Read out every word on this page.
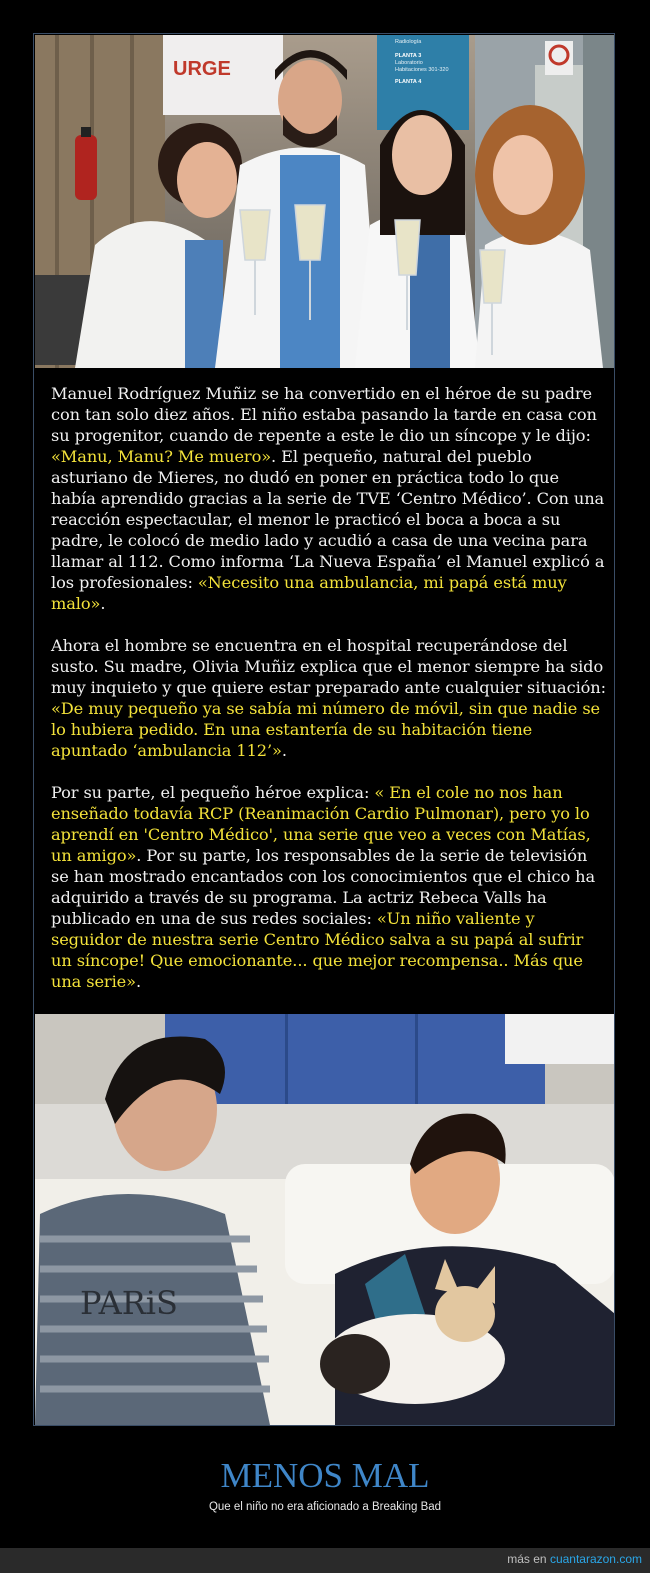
URGE
Radiología
PLANTA 3
Laboratorio
Habitaciones 301-320
PLANTA 4

Manuel Rodríguez Muñiz se ha convertido en el héroe de su padre con tan solo diez años. El niño estaba pasando la tarde en casa con su progenitor, cuando de repente a este le dio un síncope y le dijo: «Manu, Manu? Me muero». El pequeño, natural del pueblo asturiano de Mieres, no dudó en poner en práctica todo lo que había aprendido gracias a la serie de TVE ‘Centro Médico’. Con una reacción espectacular, el menor le practicó el boca a boca a su padre, le colocó de medio lado y acudió a casa de una vecina para llamar al 112. Como informa ‘La Nueva España’ el Manuel explicó a los profesionales: «Necesito una ambulancia, mi papá está muy malo».

Ahora el hombre se encuentra en el hospital recuperándose del susto. Su madre, Olivia Muñiz explica que el menor siempre ha sido muy inquieto y que quiere estar preparado ante cualquier situación: «De muy pequeño ya se sabía mi número de móvil, sin que nadie se lo hubiera pedido. En una estantería de su habitación tiene apuntado ‘ambulancia 112’».

Por su parte, el pequeño héroe explica: « En el cole no nos han enseñado todavía RCP (Reanimación Cardio Pulmonar), pero yo lo aprendí en 'Centro Médico', una serie que veo a veces con Matías, un amigo». Por su parte, los responsables de la serie de televisión se han mostrado encantados con los conocimientos que el chico ha adquirido a través de su programa. La actriz Rebeca Valls ha publicado en una de sus redes sociales: «Un niño valiente y seguidor de nuestra serie Centro Médico salva a su papá al sufrir un síncope! Que emocionante... que mejor recompensa.. Más que una serie».

PARiS
MENOS MAL
Que el niño no era aficionado a Breaking Bad
más en cuantarazon.com
